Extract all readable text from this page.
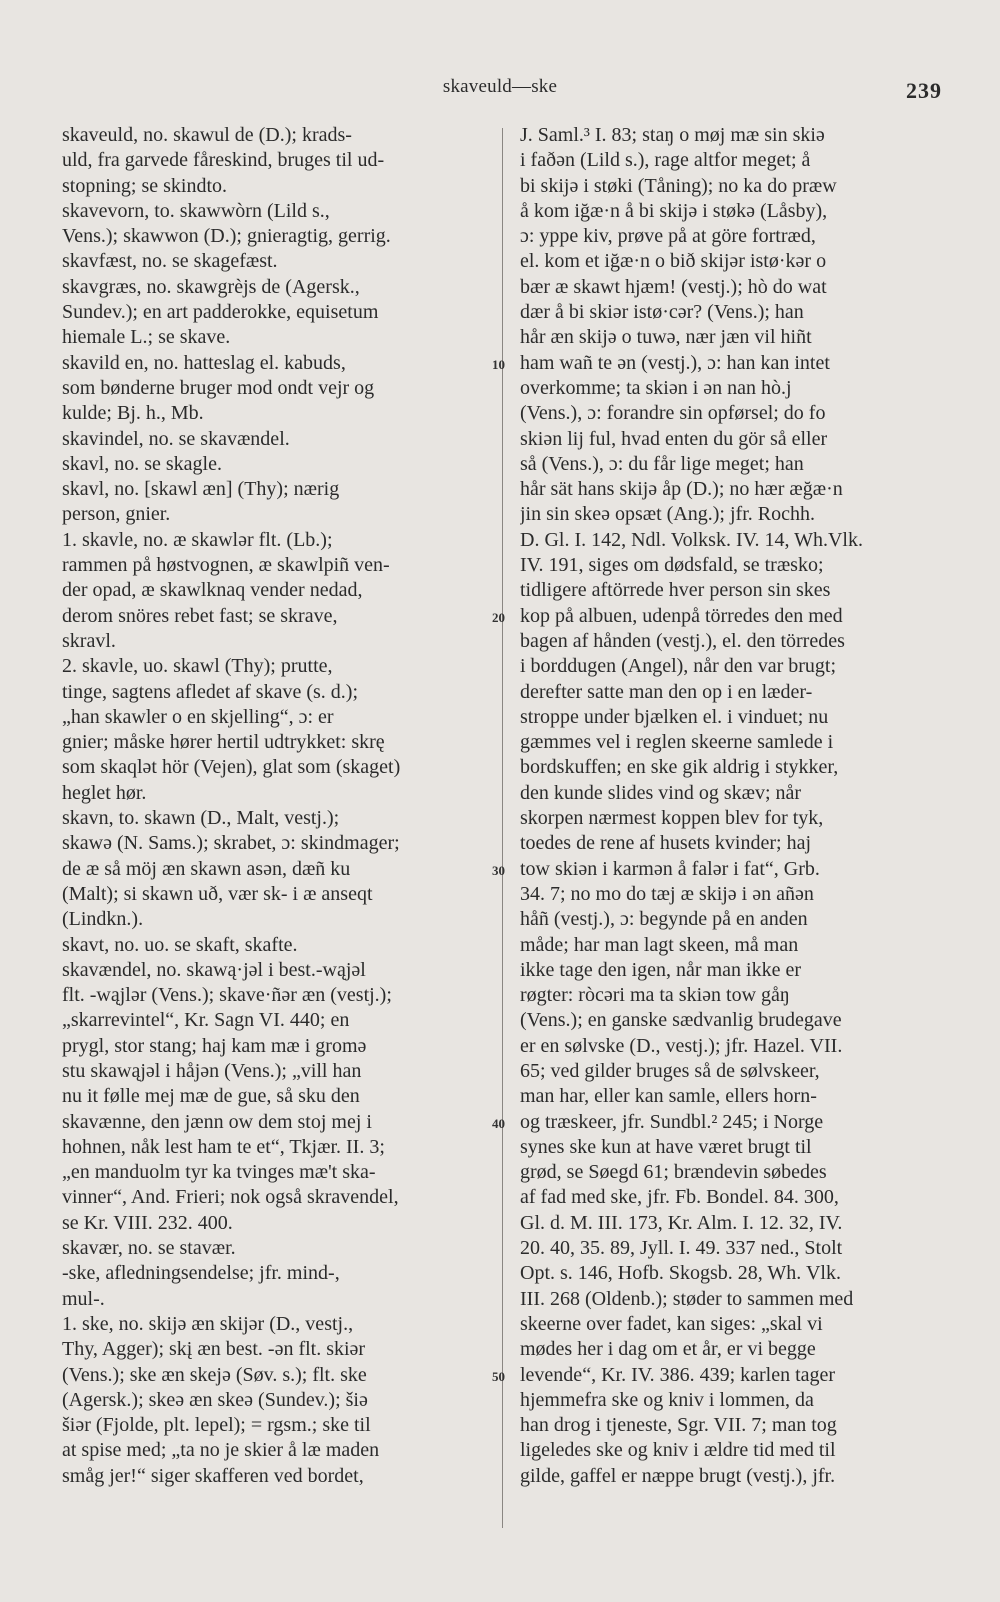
skaveuld—ske	239
skaveuld, no. skawul de (D.); krads-
uld, fra garvede fåreskind, bruges til ud-
stopning; se skindto.
skavevorn, to. skawwòrn (Lild s.,
Vens.); skawwon (D.); gnieragtig, gerrig.
skavfæst, no. se skagefæst.
skavgræs, no. skawgrèjs de (Agersk.,
Sundev.); en art padderokke, equisetum
hiemale L.; se skave.
skavild en, no. hatteslag el. kabuds,
som bønderne bruger mod ondt vejr og
kulde; Bj. h., Mb.
skavindel, no. se skavændel.
skavl, no. se skagle.
skavl, no. [skawl æn] (Thy); nærig
person, gnier.
1. skavle, no. æ skawlər flt. (Lb.);
rammen på høstvognen, æ skawlpiñ ven-
der opad, æ skawlknaq vender nedad,
derom snöres rebet fast; se skrave,
skravl.
2. skavle, uo. skawl (Thy); prutte,
tinge, sagtens afledet af skave (s. d.);
„han skawler o en skjelling“, ɔ: er
gnier; måske hører hertil udtrykket: skrę
som skaqlət hör (Vejen), glat som (skaget)
heglet hør.
skavn, to. skawn (D., Malt, vestj.);
skawə (N. Sams.); skrabet, ɔ: skindmager;
de æ så möj æn skawn asən, dæñ ku
(Malt); si skawn uð, vær sk- i æ anseqt
(Lindkn.).
skavt, no. uo. se skaft, skafte.
skavændel, no. skawą·jəl i best.-wąjəl
flt. -wąjlər (Vens.); skave·ñər æn (vestj.);
„skarrevintel“, Kr. Sagn VI. 440; en
prygl, stor stang; haj kam mæ i gromə
stu skawąjəl i håjən (Vens.); „vill han
nu it følle mej mæ de gue, så sku den
skavænne, den jænn ow dem stoj mej i
hohnen, nåk lest ham te et“, Tkjær. II. 3;
„en manduolm tyr ka tvinges mæ't ska-
vinner“, And. Frieri; nok også skravendel,
se Kr. VIII. 232. 400.
skavær, no. se stavær.
-ske, afledningsendelse; jfr. mind-,
mul-.
1. ske, no. skijə æn skijər (D., vestj.,
Thy, Agger); skį æn best. -ən flt. skiər
(Vens.); ske æn skejə (Søv. s.); flt. ske
(Agersk.); skeə æn skeə (Sundev.); šiə
šiər (Fjolde, plt. lepel); = rgsm.; ske til
at spise med; „ta no je skier å læ maden
småg jer!“ siger skafferen ved bordet,
J. Saml.³ I. 83; staŋ o møj mæ sin skiə
i faðən (Lild s.), rage altfor meget; å
bi skijə i støki (Tåning); no ka do præw
å kom iğæ·n å bi skijə i støkə (Låsby),
ɔ: yppe kiv, prøve på at göre fortræd,
el. kom et iğæ·n o bið skijər istø·kər o
bær æ skawt hjæm! (vestj.); hò do wat
dær å bi skiər istø·cər? (Vens.); han
hår æn skijə o tuwə, nær jæn vil hiñt
ham wañ te ən (vestj.), ɔ: han kan intet
overkomme; ta skiən i ən nan hò.j
(Vens.), ɔ: forandre sin opførsel; do fo
skiən lij ful, hvad enten du gör så eller
så (Vens.), ɔ: du får lige meget; han
hår sät hans skijə åp (D.); no hær æğæ·n
jin sin skeə opsæt (Ang.); jfr. Rochh.
D. Gl. I. 142, Ndl. Volksk. IV. 14, Wh.Vlk.
IV. 191, siges om dødsfald, se træsko;
tidligere aftörrede hver person sin skes
kop på albuen, udenpå törredes den med
bagen af hånden (vestj.), el. den törredes
i borddugen (Angel), når den var brugt;
derefter satte man den op i en læder-
stroppe under bjælken el. i vinduet; nu
gæmmes vel i reglen skeerne samlede i
bordskuffen; en ske gik aldrig i stykker,
den kunde slides vind og skæv; når
skorpen nærmest koppen blev for tyk,
toedes de rene af husets kvinder; haj
tow skiən i karmən å falər i fat“, Grb.
34. 7; no mo do tæj æ skijə i ən añən
håñ (vestj.), ɔ: begynde på en anden
måde; har man lagt skeen, må man
ikke tage den igen, når man ikke er
røgter: ròcəri ma ta skiən tow gåŋ
(Vens.); en ganske sædvanlig brudegave
er en sølvske (D., vestj.); jfr. Hazel. VII.
65; ved gilder bruges så de sølvskeer,
man har, eller kan samle, ellers horn-
og træskeer, jfr. Sundbl.² 245; i Norge
synes ske kun at have været brugt til
grød, se Søegd 61; brændevin søbedes
af fad med ske, jfr. Fb. Bondel. 84. 300,
Gl. d. M. III. 173, Kr. Alm. I. 12. 32, IV.
20. 40, 35. 89, Jyll. I. 49. 337 ned., Stolt
Opt. s. 146, Hofb. Skogsb. 28, Wh. Vlk.
III. 268 (Oldenb.); støder to sammen med
skeerne over fadet, kan siges: „skal vi
mødes her i dag om et år, er vi begge
levende“, Kr. IV. 386. 439; karlen tager
hjemmefra ske og kniv i lommen, da
han drog i tjeneste, Sgr. VII. 7; man tog
ligeledes ske og kniv i ældre tid med til
gilde, gaffel er næppe brugt (vestj.), jfr.
10
20
30
40
50
